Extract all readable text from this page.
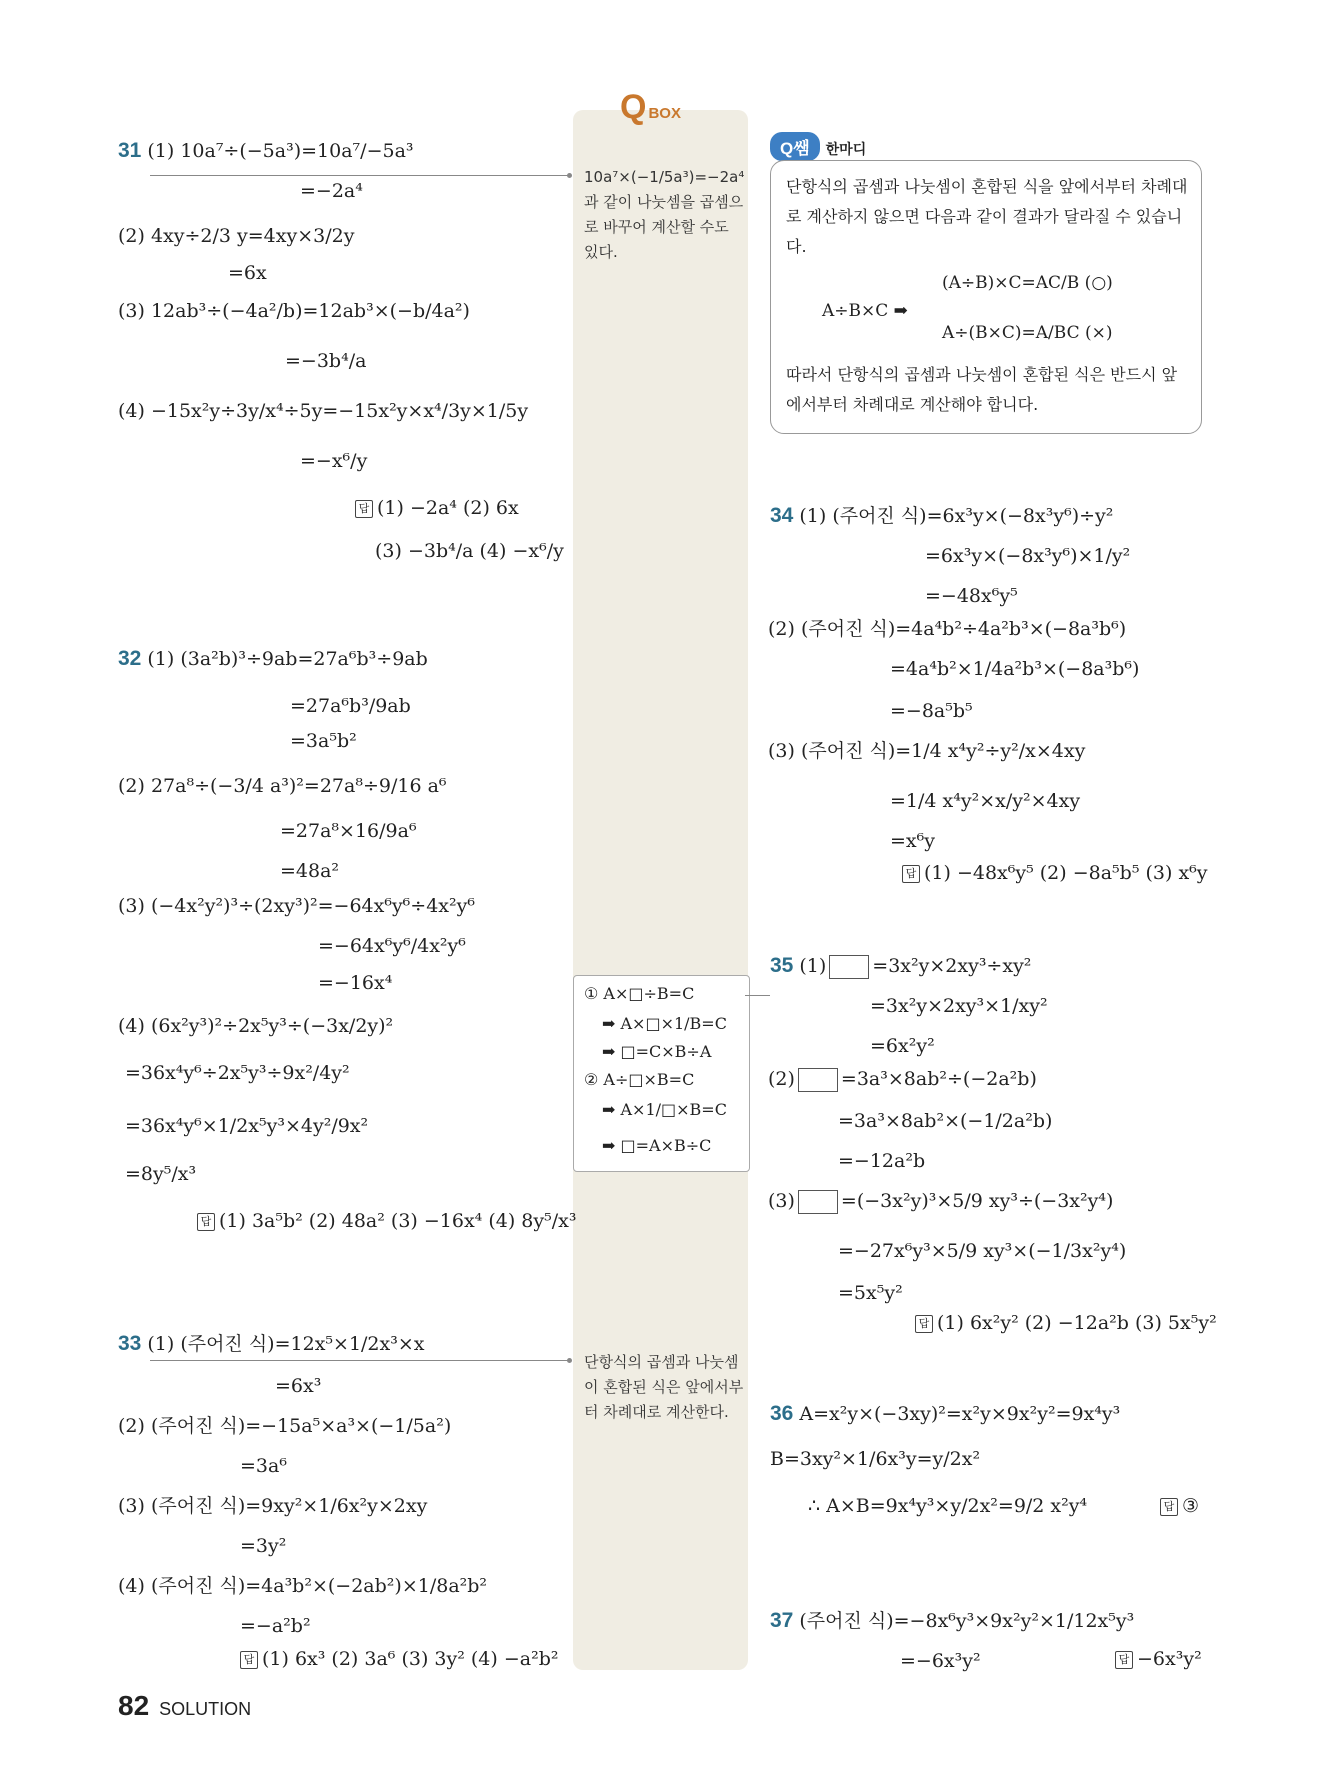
QBOX
10a⁷×(−1/5a³)=−2a⁴과 같이 나눗셈을 곱셈으로 바꾸어 계산할 수도 있다.
단항식의 곱셈과 나눗셈이 혼합된 식은 앞에서부터 차례대로 계산한다.
① A×□÷B=C
➡ A×□×1/B=C
➡ □=C×B÷A
② A÷□×B=C
➡ A×1/□×B=C
➡ □=A×B÷C
31 (1) 10a⁷÷(−5a³)=10a⁷/−5a³
=−2a⁴
(2) 4xy÷2/3 y=4xy×3/2y
=6x
(3) 12ab³÷(−4a²/b)=12ab³×(−b/4a²)
=−3b⁴/a
(4) −15x²y÷3y/x⁴÷5y=−15x²y×x⁴/3y×1/5y
=−x⁶/y
답 (1) −2a⁴ (2) 6x
(3) −3b⁴/a (4) −x⁶/y
32 (1) (3a²b)³÷9ab=27a⁶b³÷9ab
=27a⁶b³/9ab
=3a⁵b²
(2) 27a⁸÷(−3/4 a³)²=27a⁸÷9/16 a⁶
=27a⁸×16/9a⁶
=48a²
(3) (−4x²y²)³÷(2xy³)²=−64x⁶y⁶÷4x²y⁶
=−64x⁶y⁶/4x²y⁶
=−16x⁴
(4) (6x²y³)²÷2x⁵y³÷(−3x/2y)²
=36x⁴y⁶÷2x⁵y³÷9x²/4y²
=36x⁴y⁶×1/2x⁵y³×4y²/9x²
=8y⁵/x³
답 (1) 3a⁵b² (2) 48a² (3) −16x⁴ (4) 8y⁵/x³
33 (1) (주어진 식)=12x⁵×1/2x³×x
=6x³
(2) (주어진 식)=−15a⁵×a³×(−1/5a²)
=3a⁶
(3) (주어진 식)=9xy²×1/6x²y×2xy
=3y²
(4) (주어진 식)=4a³b²×(−2ab²)×1/8a²b²
=−a²b²
답 (1) 6x³ (2) 3a⁶ (3) 3y² (4) −a²b²
Q쌤 한마디
단항식의 곱셈과 나눗셈이 혼합된 식을 앞에서부터 차례대로 계산하지 않으면 다음과 같이 결과가 달라질 수 있습니다.
A÷B×C ➡
(A÷B)×C=AC/B (○)
A÷(B×C)=A/BC (×)
따라서 단항식의 곱셈과 나눗셈이 혼합된 식은 반드시 앞에서부터 차례대로 계산해야 합니다.
34 (1) (주어진 식)=6x³y×(−8x³y⁶)÷y²
=6x³y×(−8x³y⁶)×1/y²
=−48x⁶y⁵
(2) (주어진 식)=4a⁴b²÷4a²b³×(−8a³b⁶)
=4a⁴b²×1/4a²b³×(−8a³b⁶)
=−8a⁵b⁵
(3) (주어진 식)=1/4 x⁴y²÷y²/x×4xy
=1/4 x⁴y²×x/y²×4xy
=x⁶y
답 (1) −48x⁶y⁵ (2) −8a⁵b⁵ (3) x⁶y
35 (1) =3x²y×2xy³÷xy²
=3x²y×2xy³×1/xy²
=6x²y²
(2) =3a³×8ab²÷(−2a²b)
=3a³×8ab²×(−1/2a²b)
=−12a²b
(3) =(−3x²y)³×5/9 xy³÷(−3x²y⁴)
=−27x⁶y³×5/9 xy³×(−1/3x²y⁴)
=5x⁵y²
답 (1) 6x²y² (2) −12a²b (3) 5x⁵y²
36 A=x²y×(−3xy)²=x²y×9x²y²=9x⁴y³
B=3xy²×1/6x³y=y/2x²
∴ A×B=9x⁴y³×y/2x²=9/2 x²y⁴	답 ③
37 (주어진 식)=−8x⁶y³×9x²y²×1/12x⁵y³
=−6x³y²	답 −6x³y²
82 SOLUTION
